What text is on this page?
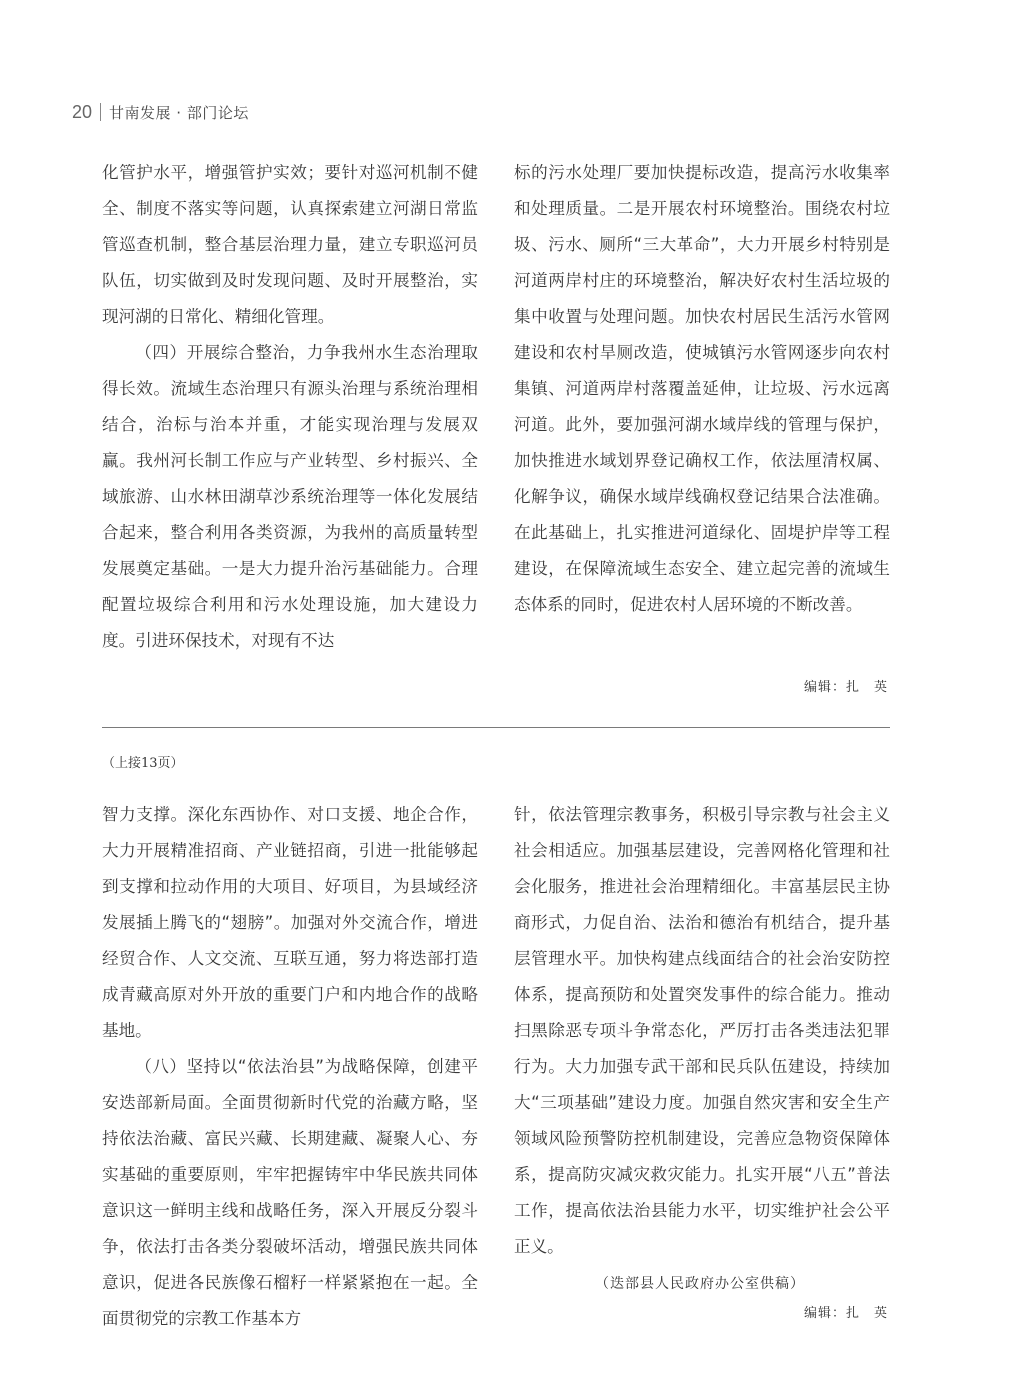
20 甘南发展 · 部门论坛

化管护水平，增强管护实效；要针对巡河机制不健全、制度不落实等问题，认真探索建立河湖日常监管巡查机制，整合基层治理力量，建立专职巡河员队伍，切实做到及时发现问题、及时开展整治，实现河湖的日常化、精细化管理。

（四）开展综合整治，力争我州水生态治理取得长效。流域生态治理只有源头治理与系统治理相结合，治标与治本并重，才能实现治理与发展双赢。我州河长制工作应与产业转型、乡村振兴、全域旅游、山水林田湖草沙系统治理等一体化发展结合起来，整合利用各类资源，为我州的高质量转型发展奠定基础。一是大力提升治污基础能力。合理配置垃圾综合利用和污水处理设施，加大建设力度。引进环保技术，对现有不达

标的污水处理厂要加快提标改造，提高污水收集率和处理质量。二是开展农村环境整治。围绕农村垃圾、污水、厕所“三大革命”，大力开展乡村特别是河道两岸村庄的环境整治，解决好农村生活垃圾的集中收置与处理问题。加快农村居民生活污水管网建设和农村旱厕改造，使城镇污水管网逐步向农村集镇、河道两岸村落覆盖延伸，让垃圾、污水远离河道。此外，要加强河湖水域岸线的管理与保护，加快推进水域划界登记确权工作，依法厘清权属、化解争议，确保水域岸线确权登记结果合法准确。在此基础上，扎实推进河道绿化、固堤护岸等工程建设，在保障流域生态安全、建立起完善的流域生态体系的同时，促进农村人居环境的不断改善。

编辑：扎　英
（上接13页）

智力支撑。深化东西协作、对口支援、地企合作，大力开展精准招商、产业链招商，引进一批能够起到支撑和拉动作用的大项目、好项目，为县域经济发展插上腾飞的“翅膀”。加强对外交流合作，增进经贸合作、人文交流、互联互通，努力将迭部打造成青藏高原对外开放的重要门户和内地合作的战略基地。

（八）坚持以“依法治县”为战略保障，创建平安迭部新局面。全面贯彻新时代党的治藏方略，坚持依法治藏、富民兴藏、长期建藏、凝聚人心、夯实基础的重要原则，牢牢把握铸牢中华民族共同体意识这一鲜明主线和战略任务，深入开展反分裂斗争，依法打击各类分裂破坏活动，增强民族共同体意识，促进各民族像石榴籽一样紧紧抱在一起。全面贯彻党的宗教工作基本方

针，依法管理宗教事务，积极引导宗教与社会主义社会相适应。加强基层建设，完善网格化管理和社会化服务，推进社会治理精细化。丰富基层民主协商形式，力促自治、法治和德治有机结合，提升基层管理水平。加快构建点线面结合的社会治安防控体系，提高预防和处置突发事件的综合能力。推动扫黑除恶专项斗争常态化，严厉打击各类违法犯罪行为。大力加强专武干部和民兵队伍建设，持续加大“三项基础”建设力度。加强自然灾害和安全生产领域风险预警防控机制建设，完善应急物资保障体系，提高防灾减灾救灾能力。扎实开展“八五”普法工作，提高依法治县能力水平，切实维护社会公平正义。

（迭部县人民政府办公室供稿）
编辑：扎　英
